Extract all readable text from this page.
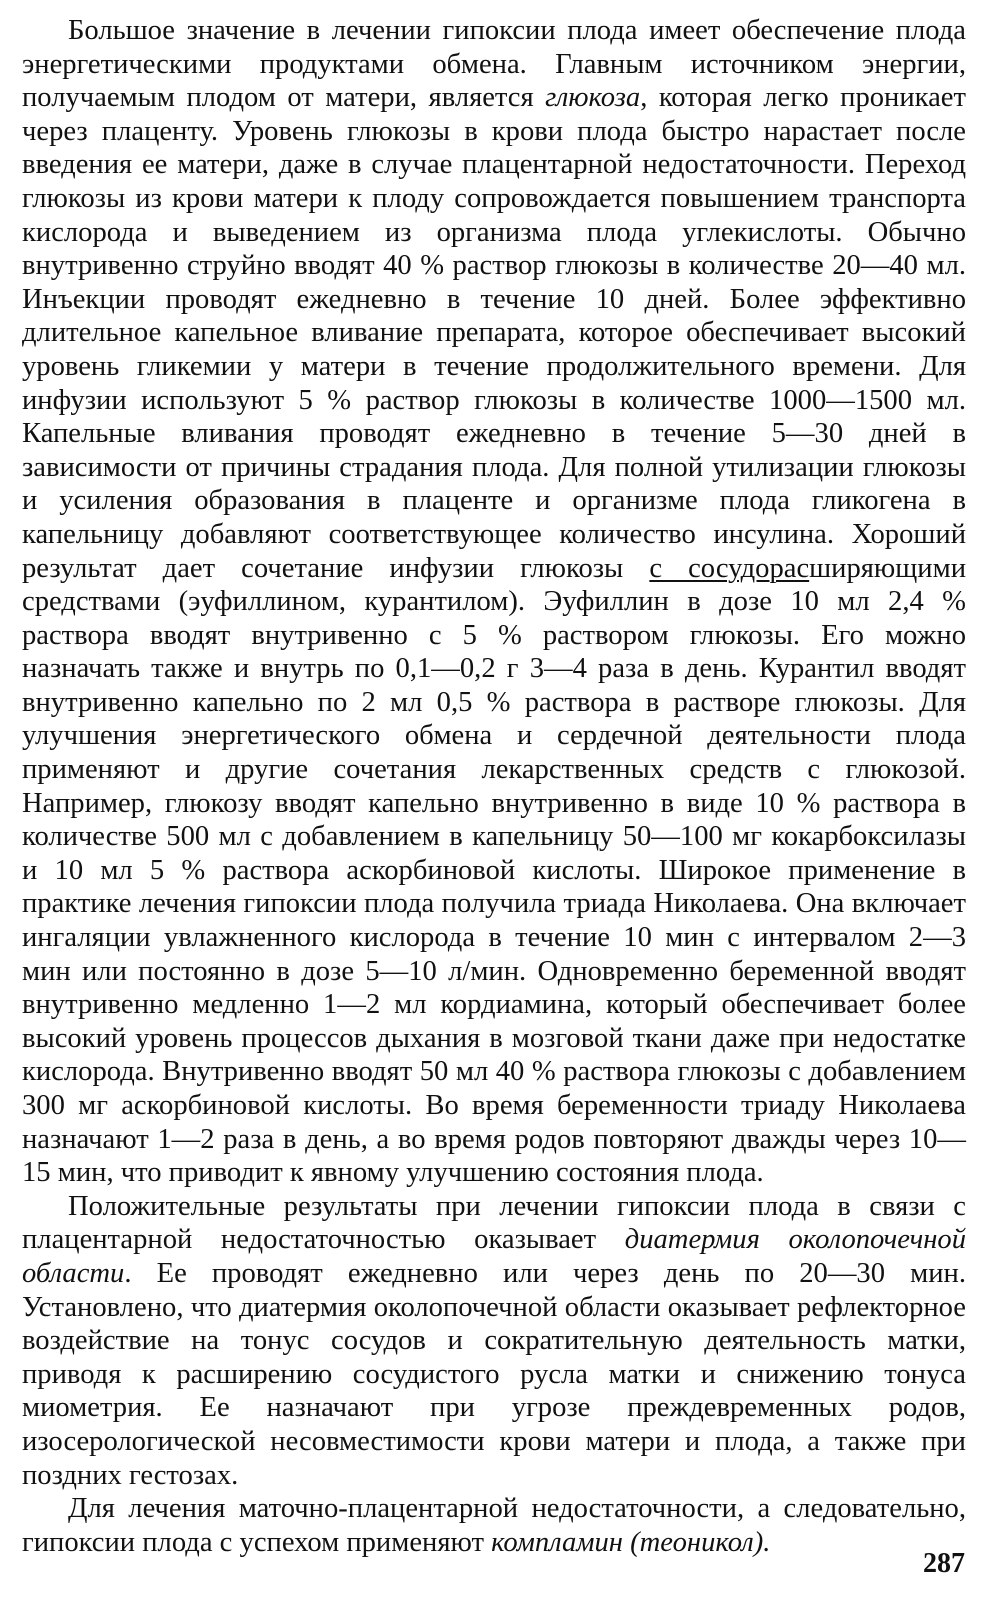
Большое значение в лечении гипоксии плода имеет обеспечение плода энергетическими продуктами обмена. Главным источником энергии, получаемым плодом от матери, является глюкоза, которая легко проникает через плаценту. Уровень глюкозы в крови плода быстро нарастает после введения ее матери, даже в случае плацентарной недостаточности. Переход глюкозы из крови матери к плоду сопровождается повышением транспорта кислорода и выведением из организма плода углекислоты. Обычно внутривенно струйно вводят 40 % раствор глюкозы в количестве 20—40 мл. Инъекции проводят ежедневно в течение 10 дней. Более эффективно длительное капельное вливание препарата, которое обеспечивает высокий уровень гликемии у матери в течение продолжительного времени. Для инфузии используют 5 % раствор глюкозы в количестве 1000—1500 мл. Капельные вливания проводят ежедневно в течение 5—30 дней в зависимости от причины страдания плода. Для полной утилизации глюкозы и усиления образования в плаценте и организме плода гликогена в капельницу добавляют соответствующее количество инсулина. Хороший результат дает сочетание инфузии глюкозы с сосудорасширяющими средствами (эуфиллином, курантилом). Эуфиллин в дозе 10 мл 2,4 % раствора вводят внутривенно с 5 % раствором глюкозы. Его можно назначать также и внутрь по 0,1—0,2 г 3—4 раза в день. Курантил вводят внутривенно капельно по 2 мл 0,5 % раствора в растворе глюкозы. Для улучшения энергетического обмена и сердечной деятельности плода применяют и другие сочетания лекарственных средств с глюкозой. Например, глюкозу вводят капельно внутривенно в виде 10 % раствора в количестве 500 мл с добавлением в капельницу 50—100 мг кокарбоксилазы и 10 мл 5 % раствора аскорбиновой кислоты. Широкое применение в практике лечения гипоксии плода получила триада Николаева. Она включает ингаляции увлажненного кислорода в течение 10 мин с интервалом 2—3 мин или постоянно в дозе 5—10 л/мин. Одновременно беременной вводят внутривенно медленно 1—2 мл кордиамина, который обеспечивает более высокий уровень процессов дыхания в мозговой ткани даже при недостатке кислорода. Внутривенно вводят 50 мл 40 % раствора глюкозы с добавлением 300 мг аскорбиновой кислоты. Во время беременности триаду Николаева назначают 1—2 раза в день, а во время родов повторяют дважды через 10—15 мин, что приводит к явному улучшению состояния плода.

Положительные результаты при лечении гипоксии плода в связи с плацентарной недостаточностью оказывает диатермия околопочечной области. Ее проводят ежедневно или через день по 20—30 мин. Установлено, что диатермия околопочечной области оказывает рефлекторное воздействие на тонус сосудов и сократительную деятельность матки, приводя к расширению сосудистого русла матки и снижению тонуса миометрия. Ее назначают при угрозе преждевременных родов, изосерологической несовместимости крови матери и плода, а также при поздних гестозах.

Для лечения маточно-плацентарной недостаточности, а следовательно, гипоксии плода с успехом применяют компламин (теоникол).

287
